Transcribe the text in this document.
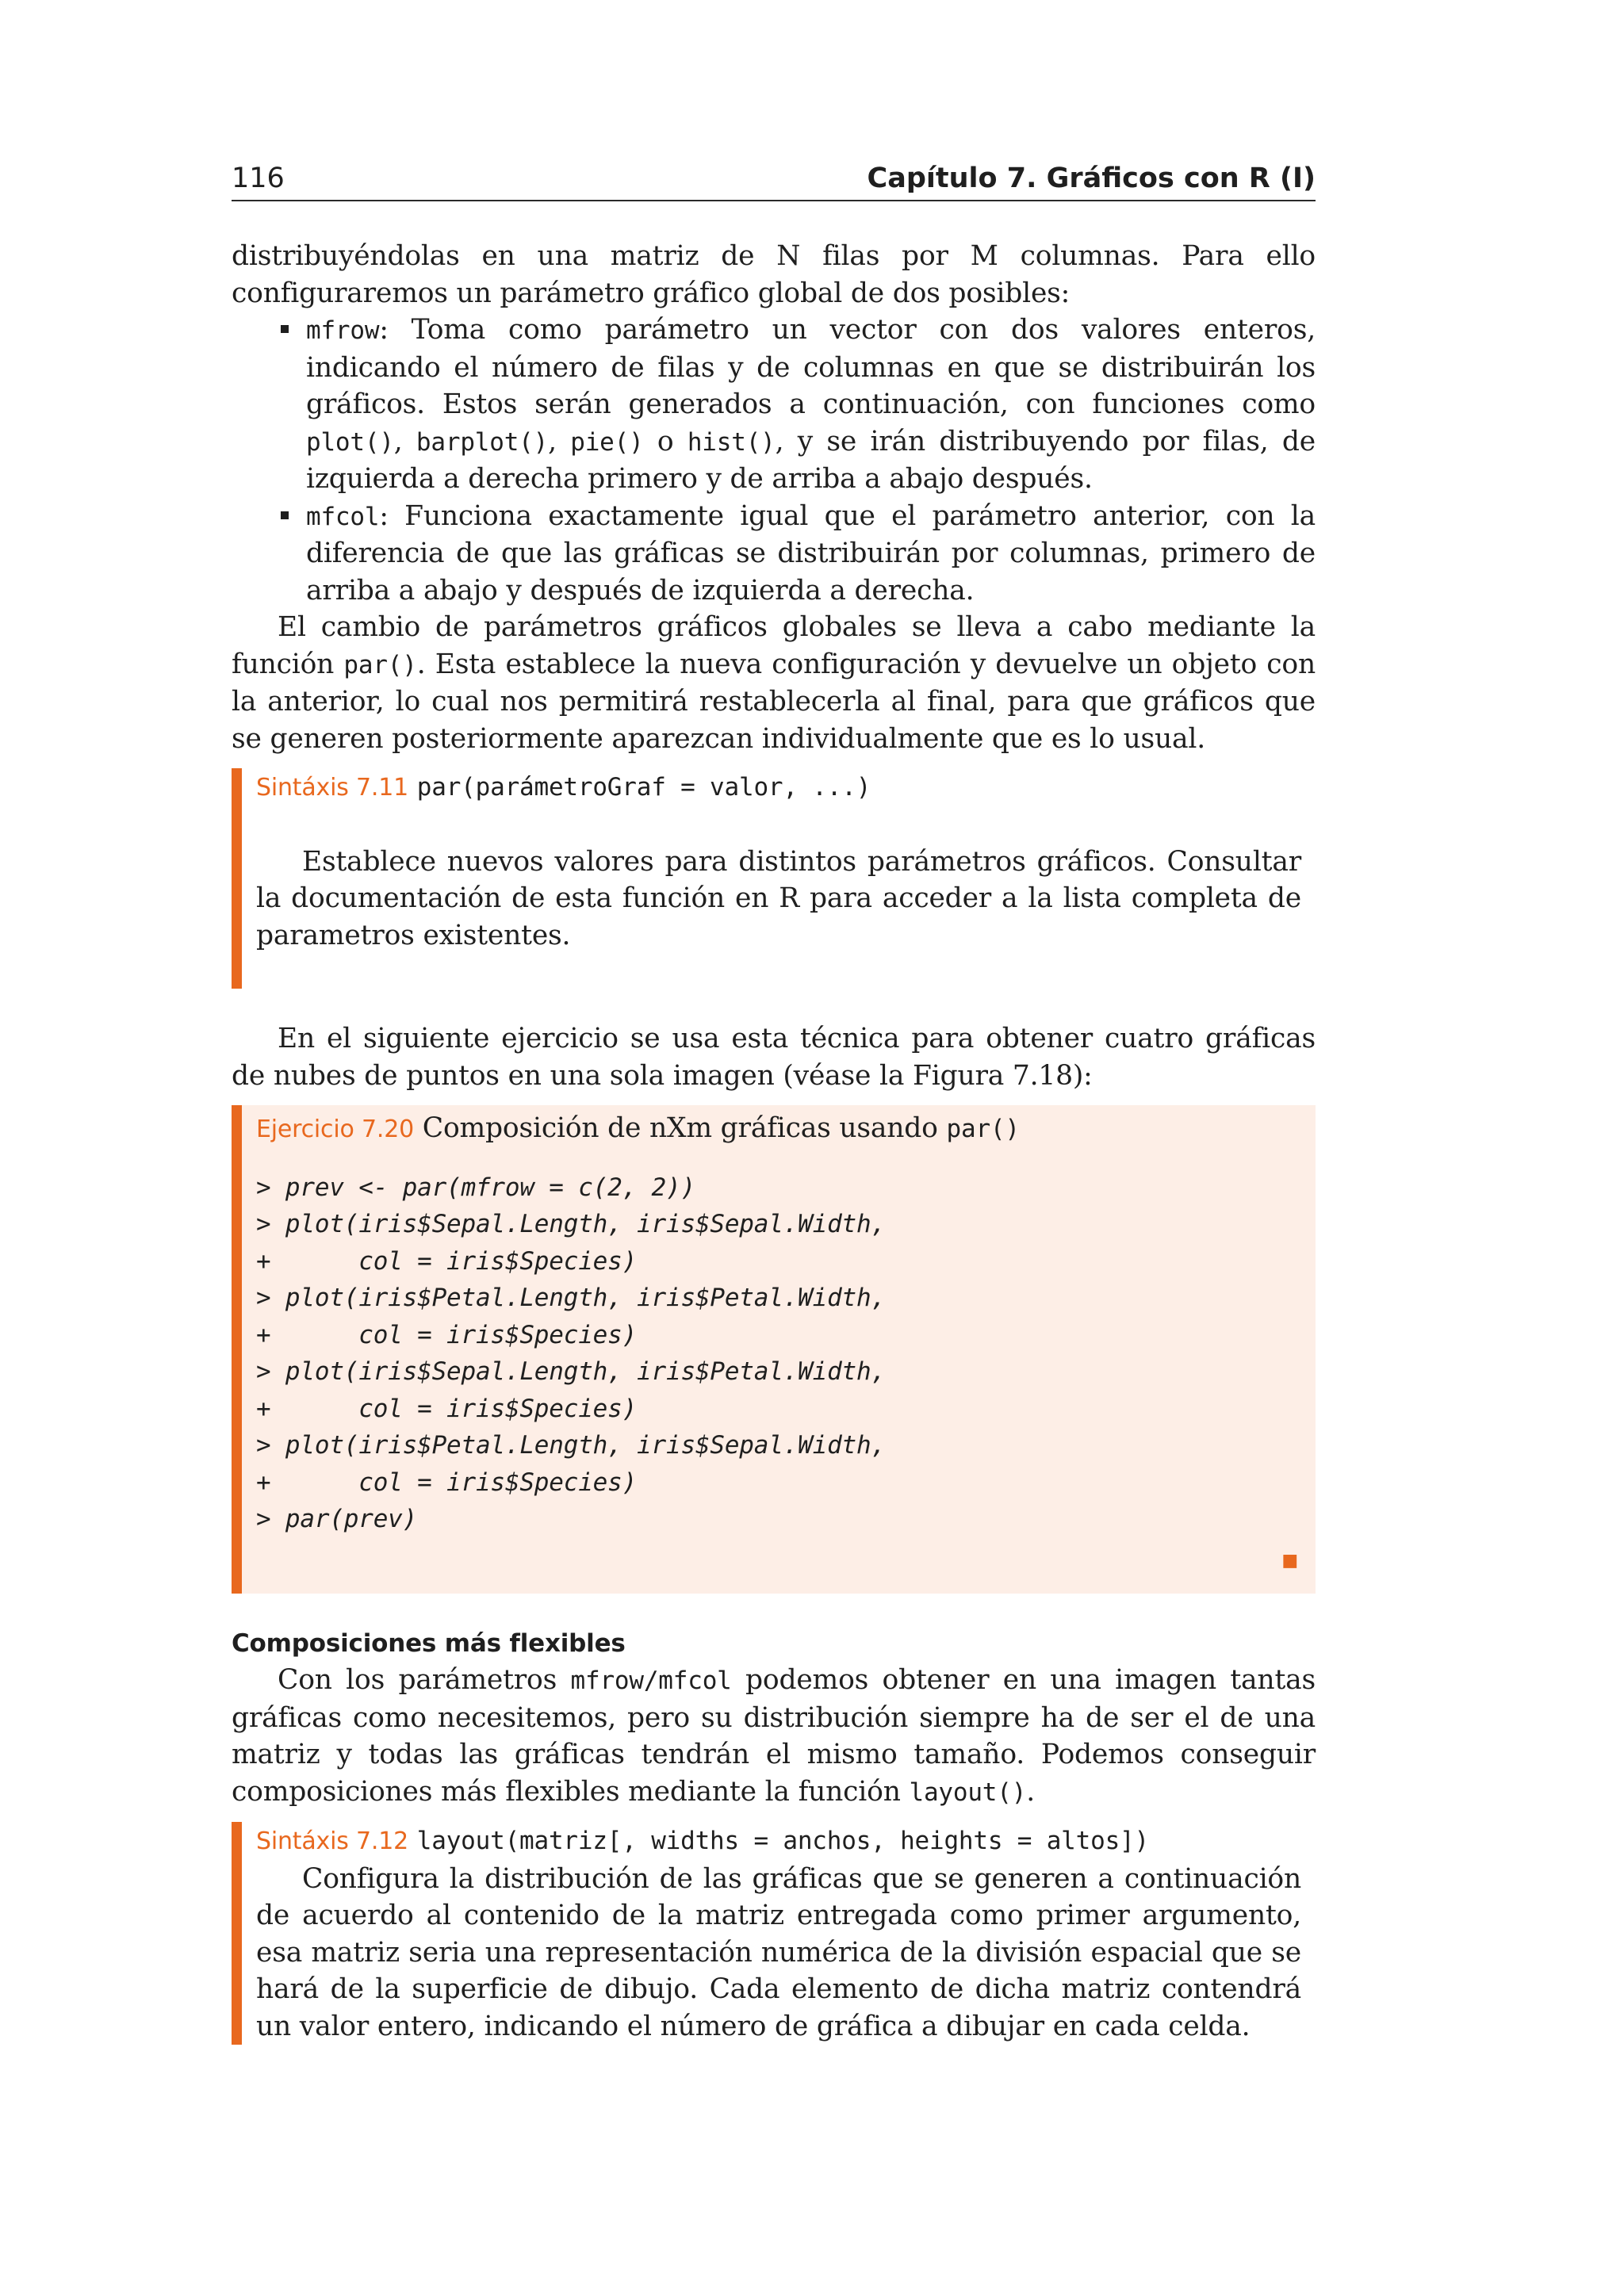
116	Capítulo 7. Gráficos con R (I)

distribuyéndolas en una matriz de N filas por M columnas. Para ello configuraremos un parámetro gráfico global de dos posibles:

mfrow: Toma como parámetro un vector con dos valores enteros, indicando el número de filas y de columnas en que se distribuirán los gráficos. Estos serán generados a continuación, con funciones como plot(), barplot(), pie() o hist(), y se irán distribuyendo por filas, de izquierda a derecha primero y de arriba a abajo después.
mfcol: Funciona exactamente igual que el parámetro anterior, con la diferencia de que las gráficas se distribuirán por columnas, primero de arriba a abajo y después de izquierda a derecha.

El cambio de parámetros gráficos globales se lleva a cabo mediante la función par(). Esta establece la nueva configuración y devuelve un objeto con la anterior, lo cual nos permitirá restablecerla al final, para que gráficos que se generen posteriormente aparezcan individualmente que es lo usual.

Sintáxis 7.11 par(parámetroGraf = valor, ...)

Establece nuevos valores para distintos parámetros gráficos. Consultar la documentación de esta función en R para acceder a la lista completa de parametros existentes.

En el siguiente ejercicio se usa esta técnica para obtener cuatro gráficas de nubes de puntos en una sola imagen (véase la Figura 7.18):

Ejercicio 7.20 Composición de nXm gráficas usando par()
> prev <- par(mfrow = c(2, 2))
> plot(iris$Sepal.Length, iris$Sepal.Width,
+      col = iris$Species)
> plot(iris$Petal.Length, iris$Petal.Width,
+      col = iris$Species)
> plot(iris$Sepal.Length, iris$Petal.Width,
+      col = iris$Species)
> plot(iris$Petal.Length, iris$Sepal.Width,
+      col = iris$Species)
> par(prev)
■
Composiciones más flexibles

Con los parámetros mfrow/mfcol podemos obtener en una imagen tantas gráficas como necesitemos, pero su distribución siempre ha de ser el de una matriz y todas las gráficas tendrán el mismo tamaño. Podemos conseguir composiciones más flexibles mediante la función layout().

Sintáxis 7.12 layout(matriz[, widths = anchos, heights = altos])

Configura la distribución de las gráficas que se generen a continuación de acuerdo al contenido de la matriz entregada como primer argumento, esa matriz seria una representación numérica de la división espacial que se hará de la superficie de dibujo. Cada elemento de dicha matriz contendrá un valor entero, indicando el número de gráfica a dibujar en cada celda.
